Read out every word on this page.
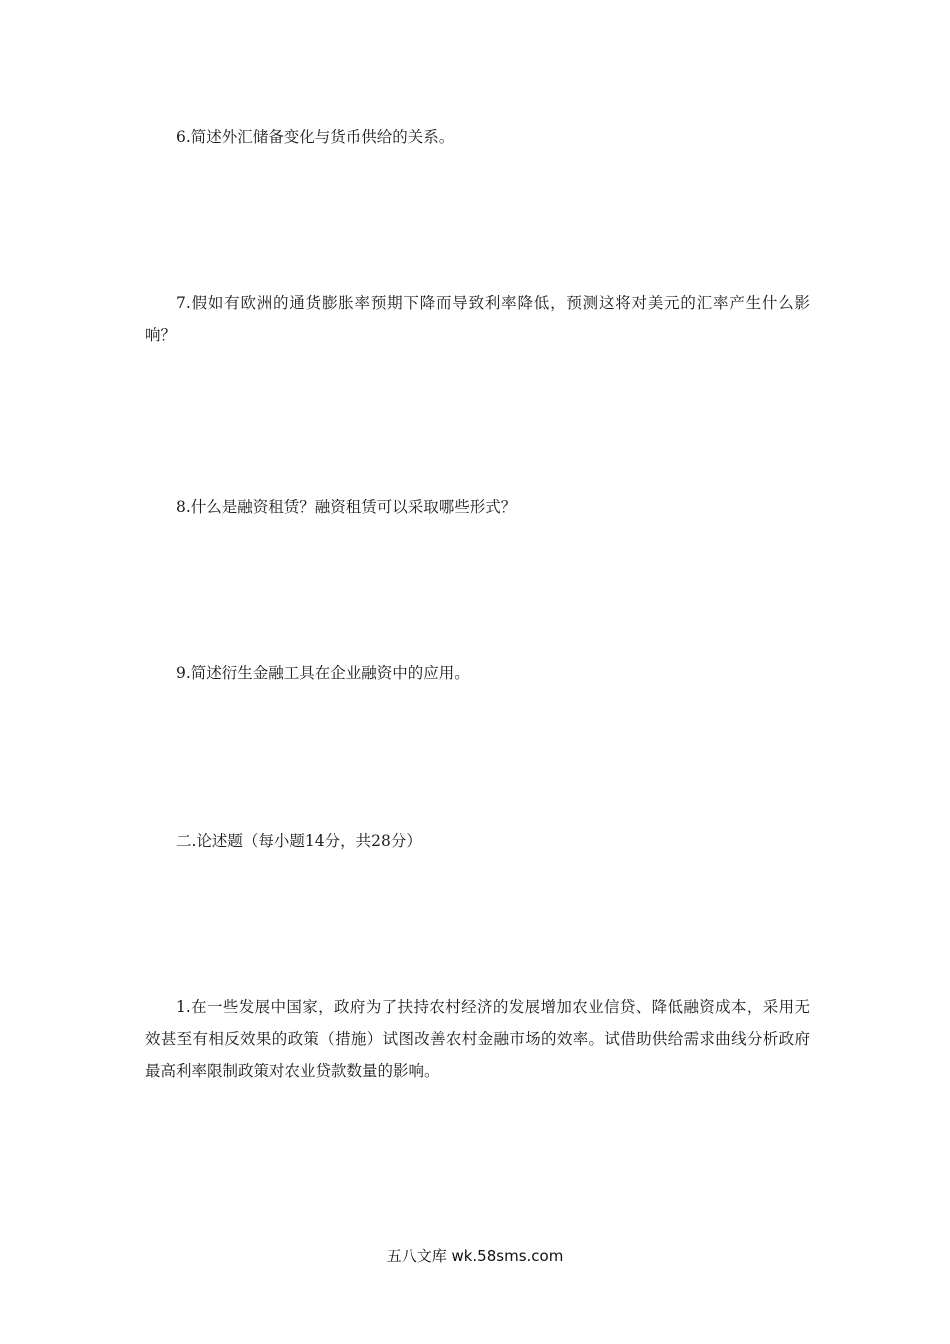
6.简述外汇储备变化与货币供给的关系。

7.假如有欧洲的通货膨胀率预期下降而导致利率降低，预测这将对美元的汇率产生什么影响？

8.什么是融资租赁？融资租赁可以采取哪些形式？

9.简述衍生金融工具在企业融资中的应用。

二.论述题（每小题14分，共28分）

1.在一些发展中国家，政府为了扶持农村经济的发展增加农业信贷、降低融资成本，采用无效甚至有相反效果的政策（措施）试图改善农村金融市场的效率。试借助供给需求曲线分析政府最高利率限制政策对农业贷款数量的影响。

五八文库 wk.58sms.com
